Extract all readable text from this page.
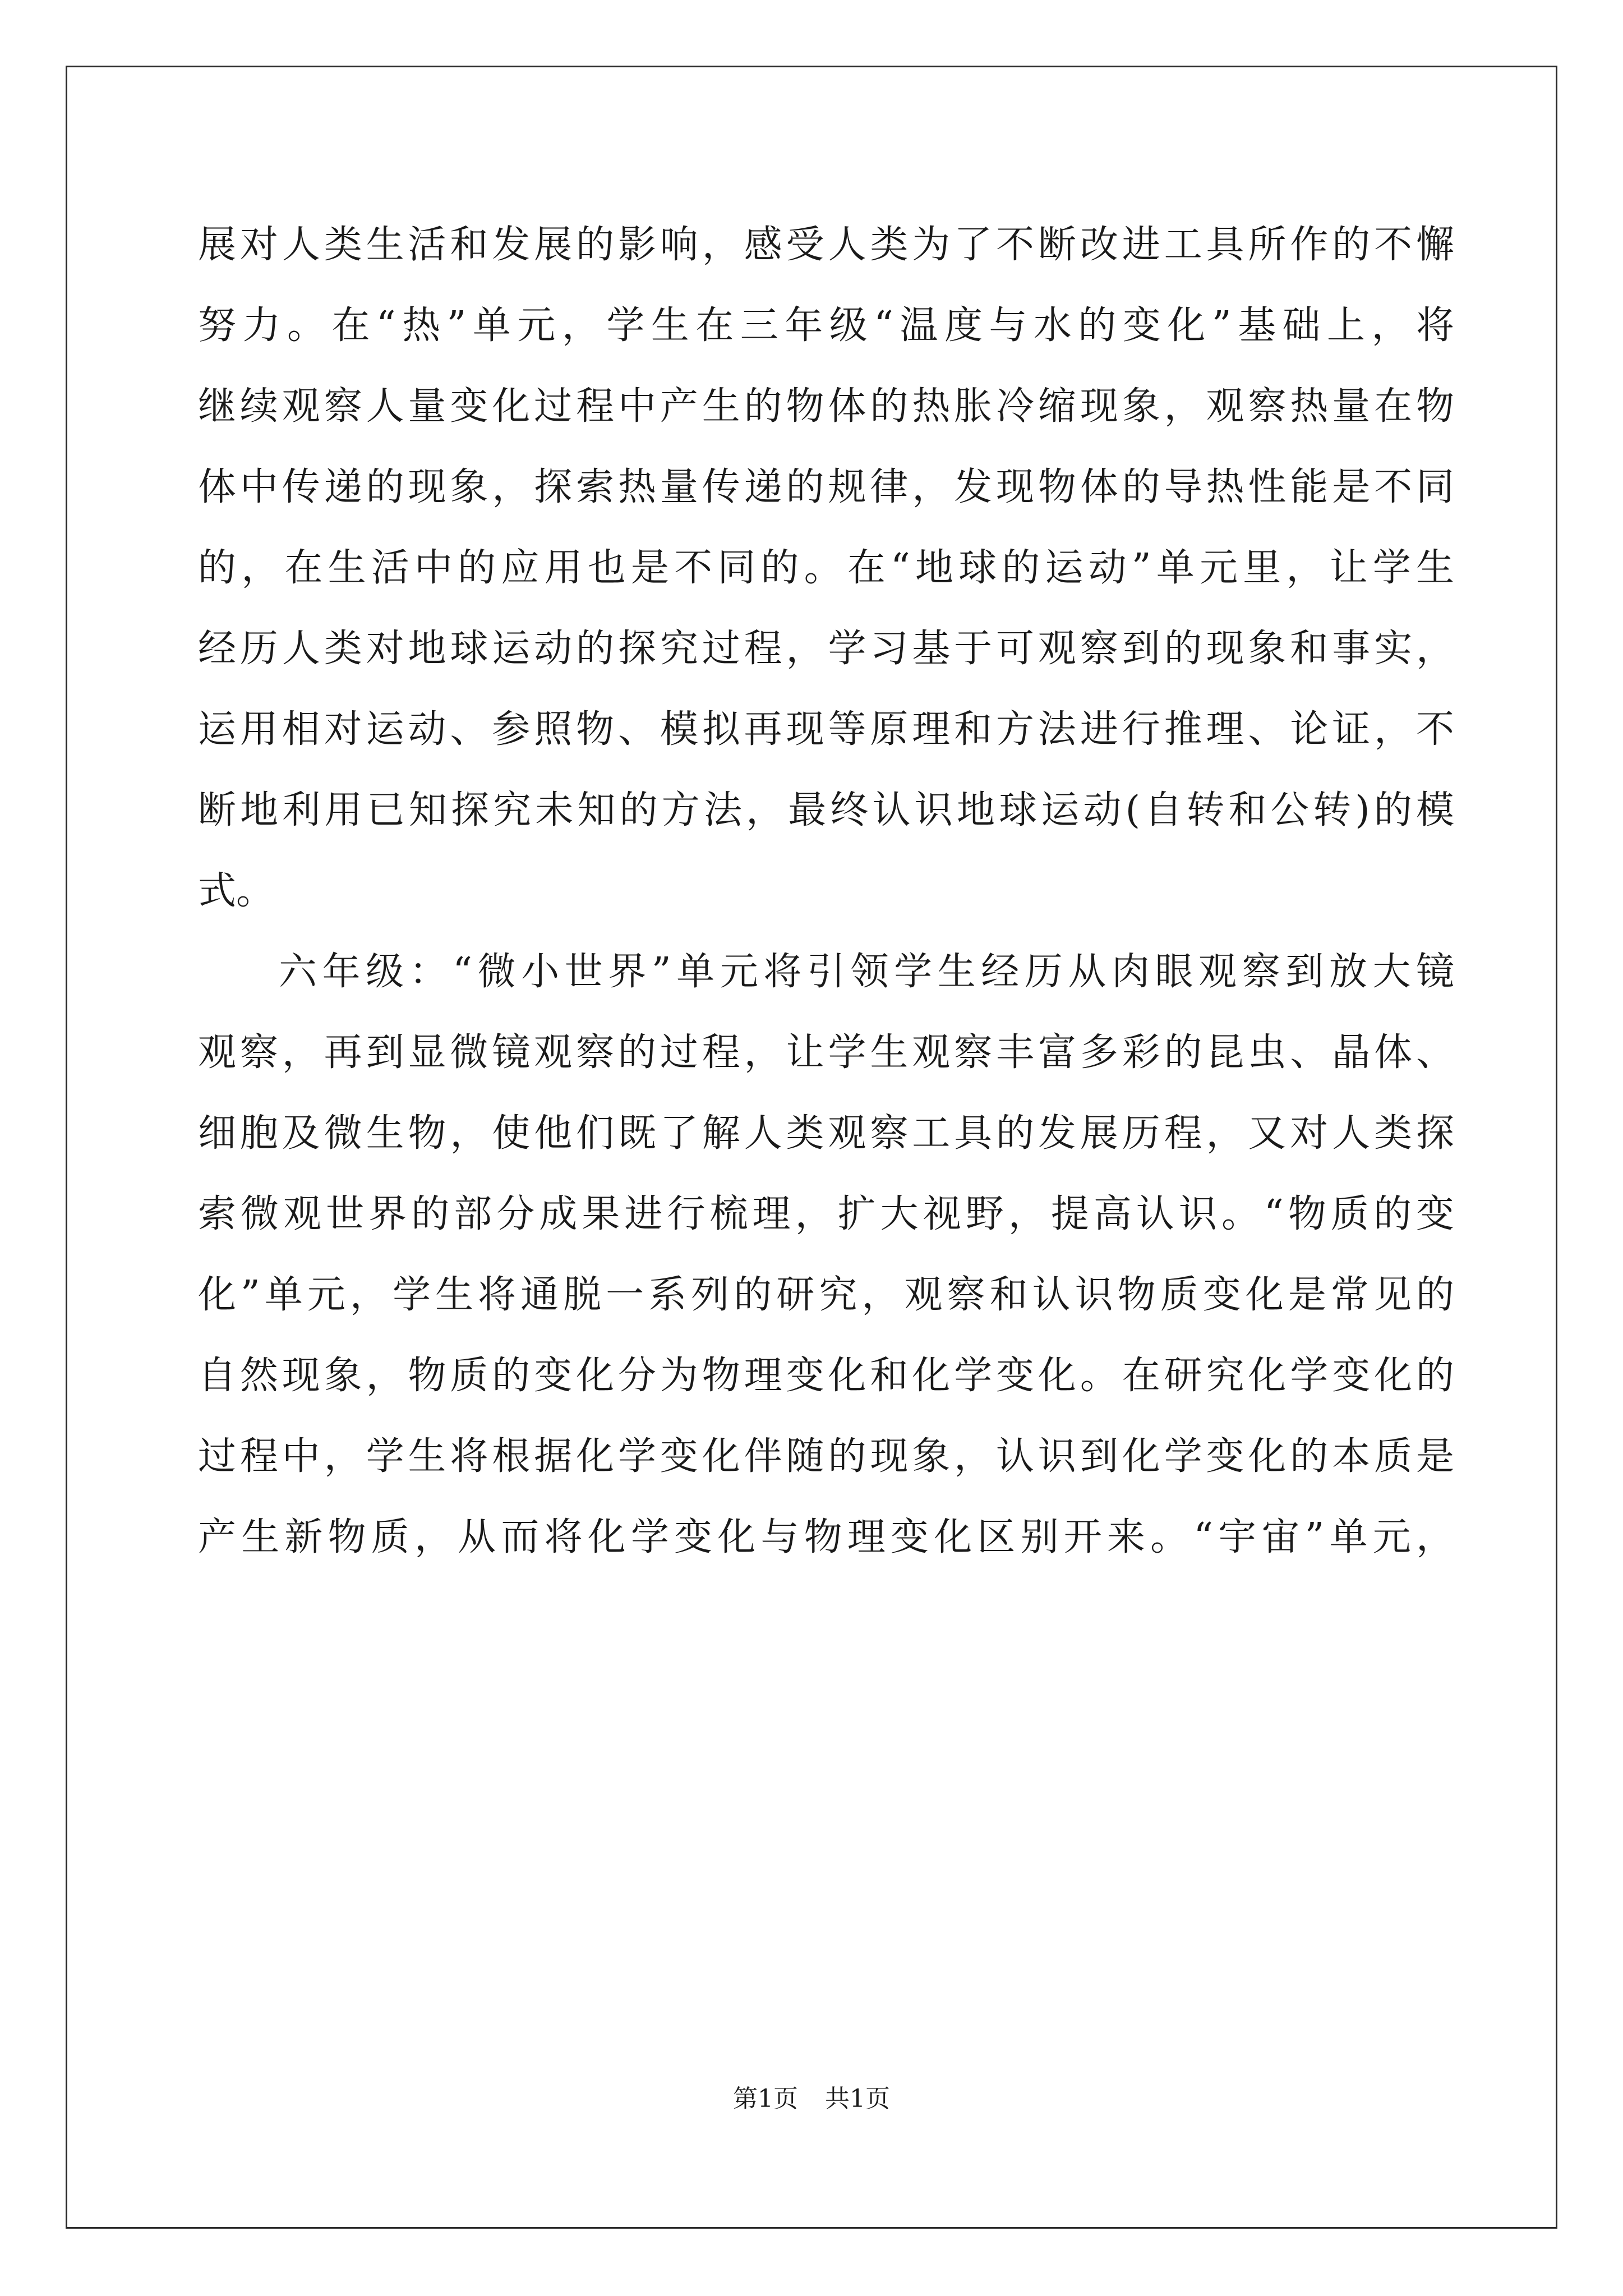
展对人类生活和发展的影响，感受人类为了不断改进工具所作的不懈
努力。在“热”单元，学生在三年级“温度与水的变化”基础上，将
继续观察人量变化过程中产生的物体的热胀冷缩现象，观察热量在物
体中传递的现象，探索热量传递的规律，发现物体的导热性能是不同
的，在生活中的应用也是不同的。在“地球的运动”单元里，让学生
经历人类对地球运动的探究过程，学习基于可观察到的现象和事实，
运用相对运动、参照物、模拟再现等原理和方法进行推理、论证，不
断地利用已知探究未知的方法，最终认识地球运动(自转和公转)的模
式。
六年级：“微小世界”单元将引领学生经历从肉眼观察到放大镜
观察，再到显微镜观察的过程，让学生观察丰富多彩的昆虫、晶体、
细胞及微生物，使他们既了解人类观察工具的发展历程，又对人类探
索微观世界的部分成果进行梳理，扩大视野，提高认识。“物质的变
化”单元，学生将通脱一系列的研究，观察和认识物质变化是常见的
自然现象，物质的变化分为物理变化和化学变化。在研究化学变化的
过程中，学生将根据化学变化伴随的现象，认识到化学变化的本质是
产生新物质，从而将化学变化与物理变化区别开来。“宇宙”单元，
第1页 共1页
